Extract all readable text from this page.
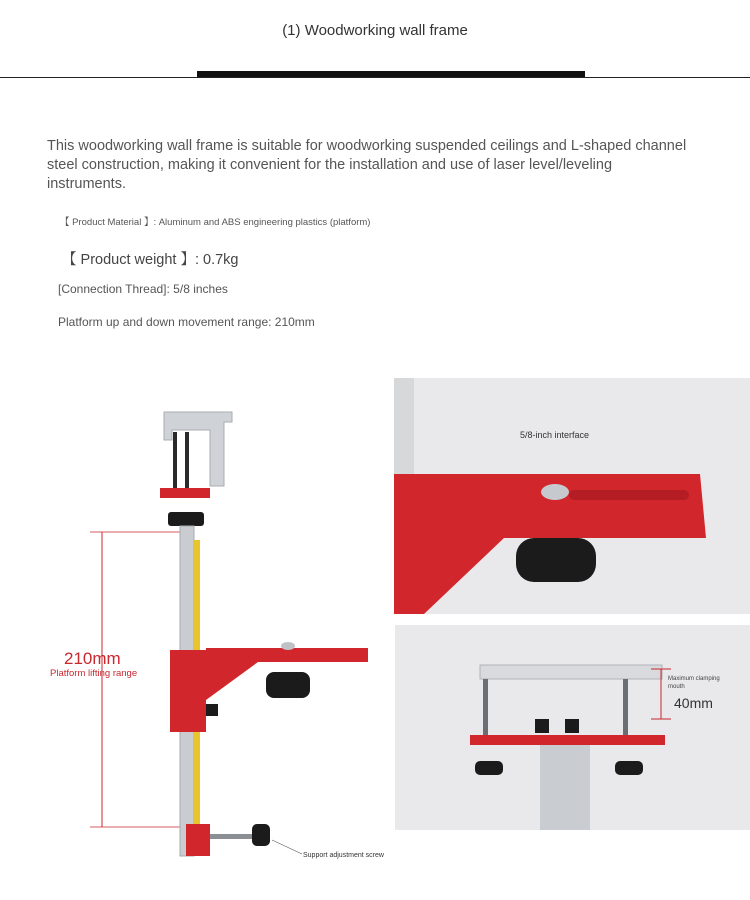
(1) Woodworking wall frame
This woodworking wall frame is suitable for woodworking suspended ceilings and L-shaped channel steel construction, making it convenient for the installation and use of laser level/leveling instruments.
【 Product Material 】: Aluminum and ABS engineering plastics (platform)
【 Product weight 】: 0.7kg
[Connection Thread]: 5/8 inches
Platform up and down movement range: 210mm
210mm
Platform lifting range
Support adjustment screw
5/8-inch interface
Maximum clamping mouth
40mm
